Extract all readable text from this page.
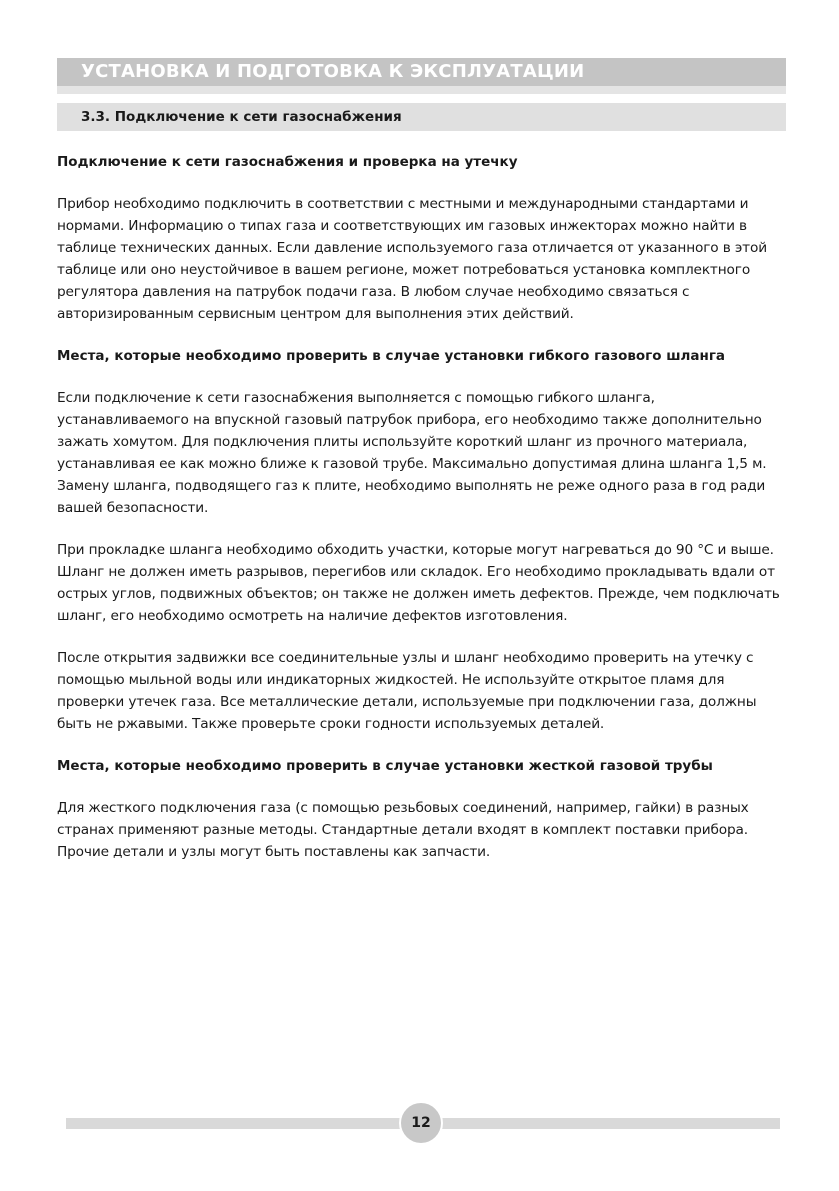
УСТАНОВКА И ПОДГОТОВКА К ЭКСПЛУАТАЦИИ
3.3. Подключение к сети газоснабжения
Подключение к сети газоснабжения и проверка на утечку
Прибор необходимо подключить в соответствии с местными и международными стандартами и нормами. Информацию о типах газа и соответствующих им газовых инжекторах можно найти в таблице технических данных. Если давление используемого газа отличается от указанного в этой таблице или оно неустойчивое в вашем регионе, может потребоваться установка комплектного регулятора давления на патрубок подачи газа. В любом случае необходимо связаться с авторизированным сервисным центром для выполнения этих действий.
Места, которые необходимо проверить в случае установки гибкого газового шланга
Если подключение к сети газоснабжения выполняется с помощью гибкого шланга, устанавливаемого на впускной газовый патрубок прибора, его необходимо также дополнительно зажать хомутом. Для подключения плиты используйте короткий шланг из прочного материала, устанавливая ее как можно ближе к газовой трубе. Максимально допустимая длина шланга 1,5 м. Замену шланга, подводящего газ к плите, необходимо выполнять не реже одного раза в год ради вашей безопасности.
При прокладке шланга необходимо обходить участки, которые могут нагреваться до 90 °С и выше. Шланг не должен иметь разрывов, перегибов или складок. Его необходимо прокладывать вдали от острых углов, подвижных объектов; он также не должен иметь дефектов. Прежде, чем подключать шланг, его необходимо осмотреть на наличие дефектов изготовления.
После открытия задвижки все соединительные узлы и шланг необходимо проверить на утечку с помощью мыльной воды или индикаторных жидкостей. Не используйте открытое пламя для проверки утечек газа. Все металлические детали, используемые при подключении газа, должны быть не ржавыми. Также проверьте сроки годности используемых деталей.
Места, которые необходимо проверить в случае установки жесткой газовой трубы
Для жесткого подключения газа (с помощью резьбовых соединений, например, гайки) в разных странах применяют разные методы. Стандартные детали входят в комплект поставки прибора. Прочие детали и узлы могут быть поставлены как запчасти.
12
